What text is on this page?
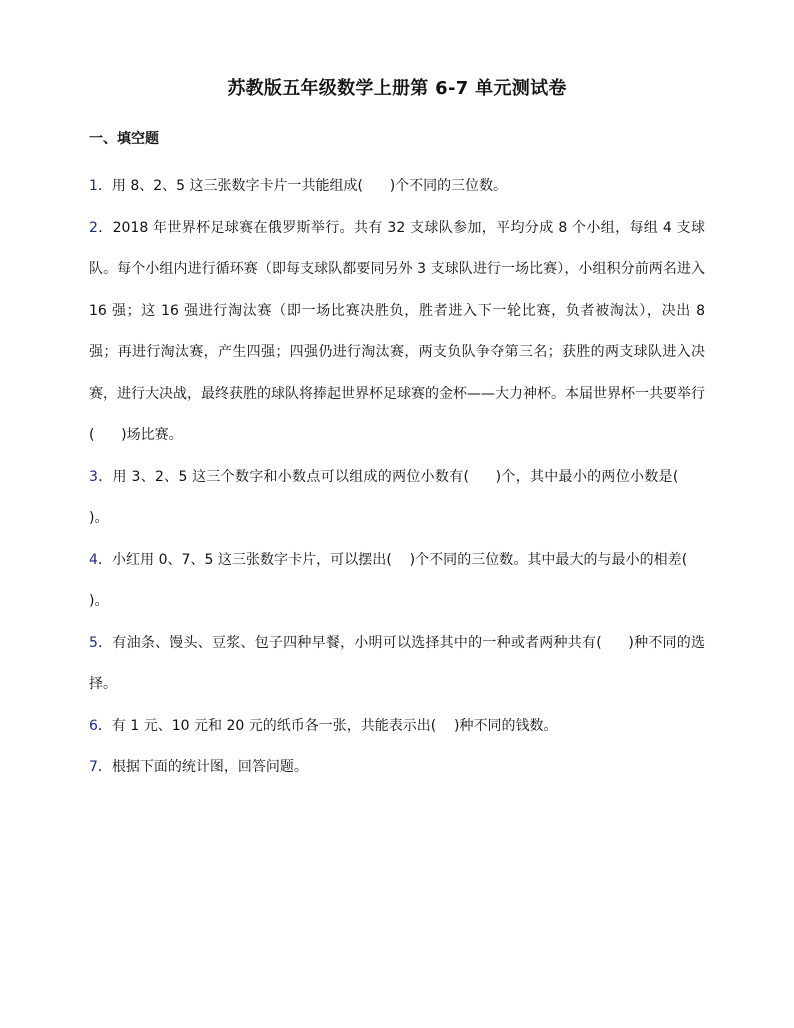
苏教版五年级数学上册第 6-7 单元测试卷
一、填空题

1．用 8、2、5 这三张数字卡片一共能组成( )个不同的三位数。

2．2018 年世界杯足球赛在俄罗斯举行。共有 32 支球队参加，平均分成 8 个小组，每组 4 支球队。每个小组内进行循环赛（即每支球队都要同另外 3 支球队进行一场比赛），小组积分前两名进入 16 强；这 16 强进行淘汰赛（即一场比赛决胜负，胜者进入下一轮比赛，负者被淘汰），决出 8 强；再进行淘汰赛，产生四强；四强仍进行淘汰赛，两支负队争夺第三名；获胜的两支球队进入决赛，进行大决战，最终获胜的球队将捧起世界杯足球赛的金杯——大力神杯。本届世界杯一共要举行( )场比赛。

3．用 3、2、5 这三个数字和小数点可以组成的两位小数有( )个，其中最小的两位小数是(      )。

4．小红用 0、7、5 这三张数字卡片，可以摆出( )个不同的三位数。其中最大的与最小的相差(    )。

5．有油条、馒头、豆浆、包子四种早餐，小明可以选择其中的一种或者两种共有( )种不同的选择。

6．有 1 元、10 元和 20 元的纸币各一张，共能表示出( )种不同的钱数。

7．根据下面的统计图，回答问题。
